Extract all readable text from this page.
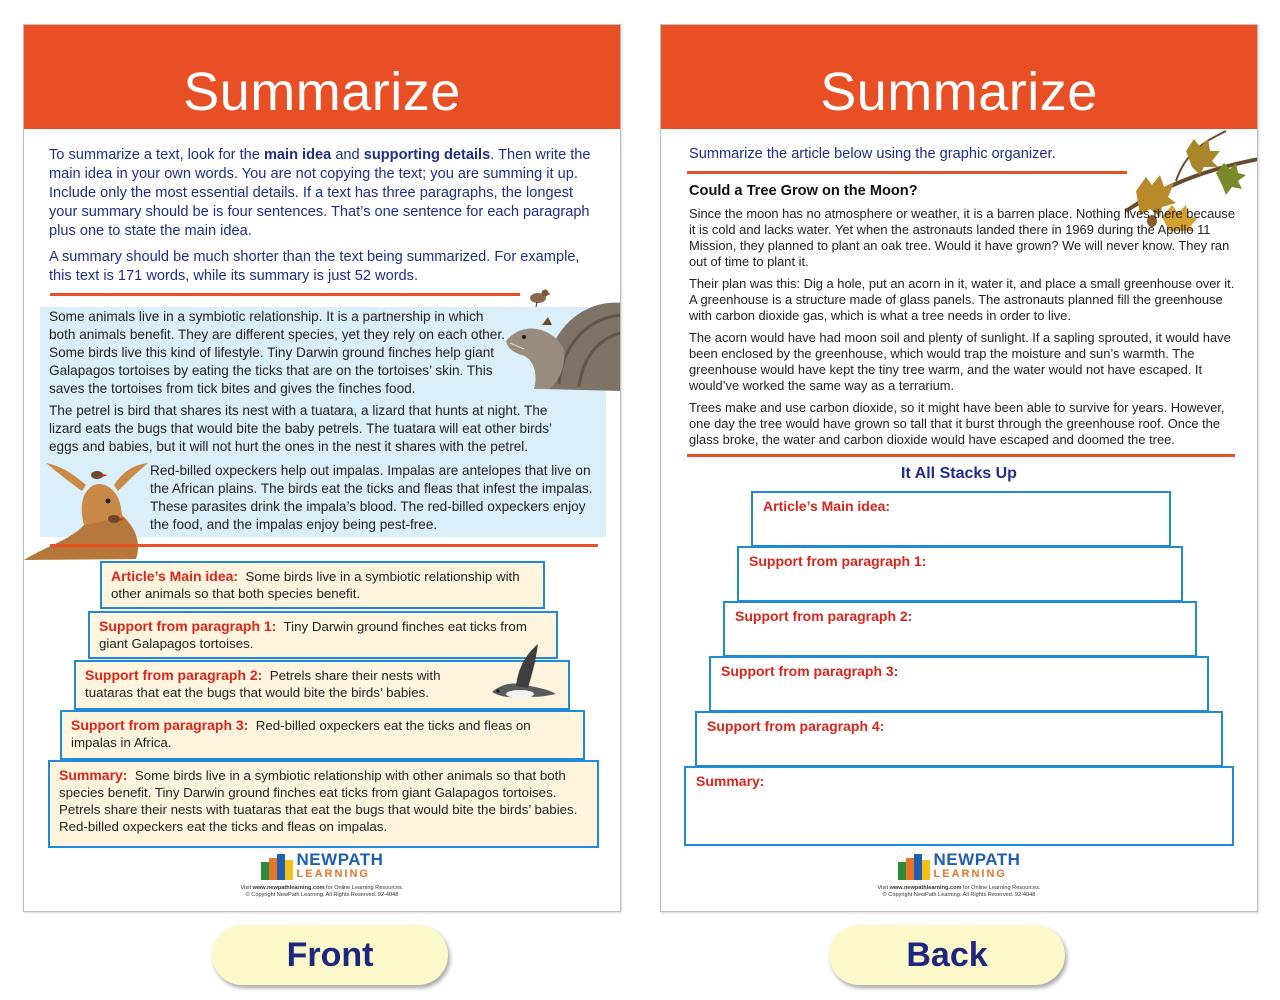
Summarize

To summarize a text, look for the main idea and supporting details. Then write the main idea in your own words. You are not copying the text; you are summing it up. Include only the most essential details. If a text has three paragraphs, the longest your summary should be is four sentences. That’s one sentence for each paragraph plus one to state the main idea.

A summary should be much shorter than the text being summarized. For example, this text is 171 words, while its summary is just 52 words.

Some animals live in a symbiotic relationship. It is a partnership in which both animals benefit. They are different species, yet they rely on each other. Some birds live this kind of lifestyle. Tiny Darwin ground finches help giant Galapagos tortoises by eating the ticks that are on the tortoises’ skin. This saves the tortoises from tick bites and gives the finches food.
The petrel is bird that shares its nest with a tuatara, a lizard that hunts at night. The lizard eats the bugs that would bite the baby petrels. The tuatara will eat other birds’ eggs and babies, but it will not hurt the ones in the nest it shares with the petrel.
Red-billed oxpeckers help out impalas. Impalas are antelopes that live on the African plains. The birds eat the ticks and fleas that infest the impalas. These parasites drink the impala’s blood. The red-billed oxpeckers enjoy the food, and the impalas enjoy being pest-free.
Article’s Main idea: Some birds live in a symbiotic relationship with other animals so that both species benefit.
Support from paragraph 1: Tiny Darwin ground finches eat ticks from giant Galapagos tortoises.
Support from paragraph 2: Petrels share their nests with tuataras that eat the bugs that would bite the birds’ babies.
Support from paragraph 3: Red-billed oxpeckers eat the ticks and fleas on impalas in Africa.
Summary: Some birds live in a symbiotic relationship with other animals so that both species benefit. Tiny Darwin ground finches eat ticks from giant Galapagos tortoises. Petrels share their nests with tuataras that eat the bugs that would bite the birds’ babies. Red-billed oxpeckers eat the ticks and fleas on impalas.
NEWPATH
LEARNING
Visit www.newpathlearning.com for Online Learning Resources.
© Copyright NewPath Learning. All Rights Reserved. 92-4048
Summarize
Summarize the article below using the graphic organizer.
Could a Tree Grow on the Moon?

Since the moon has no atmosphere or weather, it is a barren place. Nothing lives there because it is cold and lacks water. Yet when the astronauts landed there in 1969 during the Apollo 11 Mission, they planned to plant an oak tree. Would it have grown? We will never know. They ran out of time to plant it.

Their plan was this: Dig a hole, put an acorn in it, water it, and place a small greenhouse over it. A greenhouse is a structure made of glass panels. The astronauts planned fill the greenhouse with carbon dioxide gas, which is what a tree needs in order to live.

The acorn would have had moon soil and plenty of sunlight. If a sapling sprouted, it would have been enclosed by the greenhouse, which would trap the moisture and sun’s warmth. The greenhouse would have kept the tiny tree warm, and the water would not have escaped. It would’ve worked the same way as a terrarium.

Trees make and use carbon dioxide, so it might have been able to survive for years. However, one day the tree would have grown so tall that it burst through the greenhouse roof. Once the glass broke, the water and carbon dioxide would have escaped and doomed the tree.

It All Stacks Up
Article’s Main idea:
Support from paragraph 1:
Support from paragraph 2:
Support from paragraph 3:
Support from paragraph 4:
Summary:
NEWPATH
LEARNING
Visit www.newpathlearning.com for Online Learning Resources.
© Copyright NewPath Learning. All Rights Reserved. 92-4048
Front	Back
